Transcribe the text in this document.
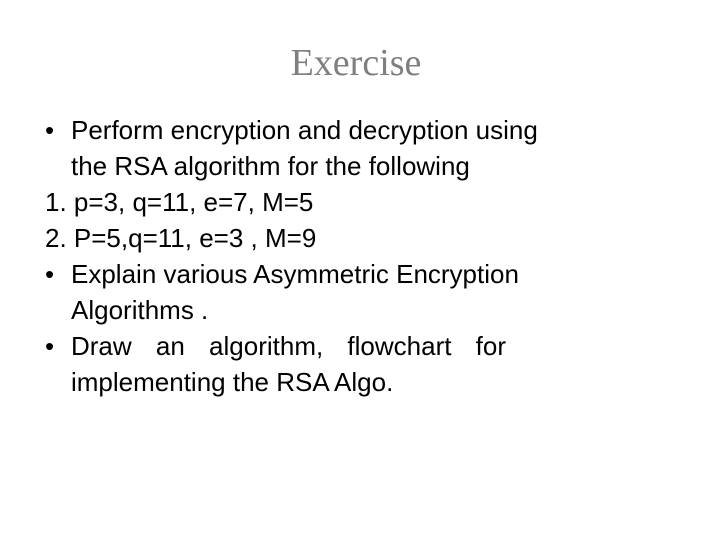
Exercise
• Perform encryption and decryption using
the RSA algorithm for the following
1. p=3, q=11, e=7, M=5
2. P=5,q=11, e=3 , M=9
• Explain various Asymmetric Encryption
Algorithms .
• Draw an algorithm, flowchart for
implementing the RSA Algo.
